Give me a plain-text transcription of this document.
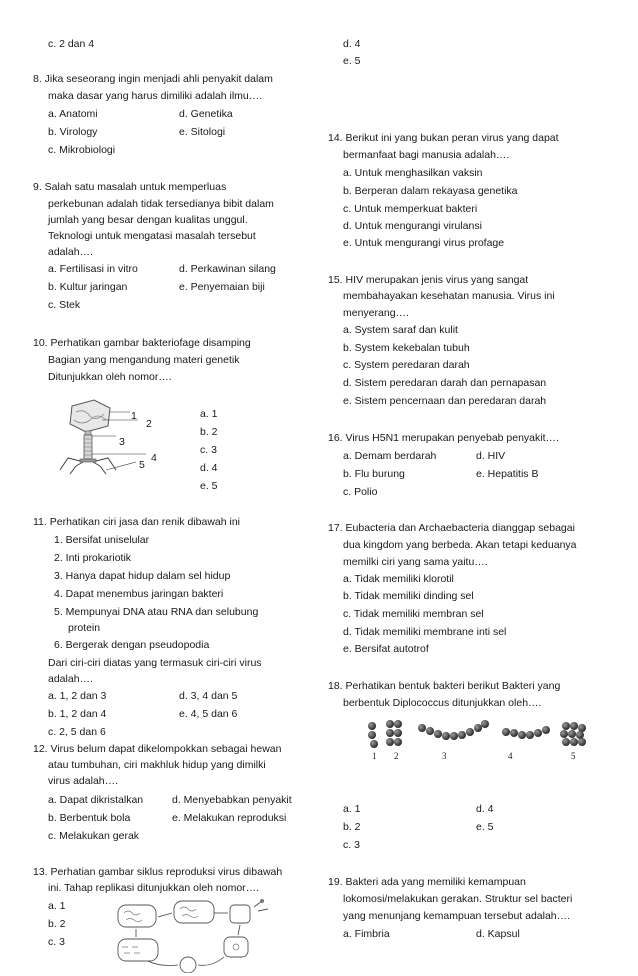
c. 2 dan 4
8. Jika seseorang ingin menjadi ahli penyakit dalam
maka dasar yang harus dimiliki adalah ilmu….
a. Anatomi	d. Genetika
b. Virology	e. Sitologi
c. Mikrobiologi
9. Salah satu masalah untuk memperluas
perkebunan adalah tidak tersedianya bibit dalam
jumlah yang besar dengan kualitas unggul.
Teknologi untuk mengatasi masalah tersebut
adalah….
a. Fertilisasi in vitro	d. Perkawinan silang
b. Kultur jaringan	e. Penyemaian biji
c. Stek
10. Perhatikan gambar bakteriofage disamping
Bagian yang mengandung materi genetik
Ditunjukkan oleh nomor….
1
2
3
4
5
a. 1
b. 2
c. 3
d. 4
e. 5
11. Perhatikan ciri jasa dan renik dibawah ini
1. Bersifat uniselular
2. Inti prokariotik
3. Hanya dapat hidup dalam sel hidup
4. Dapat menembus jaringan bakteri
5. Mempunyai DNA atau RNA dan selubung
protein
6. Bergerak dengan pseudopodia
Dari ciri-ciri diatas yang termasuk ciri-ciri virus
adalah….
a. 1, 2 dan 3	d. 3, 4 dan 5
b. 1, 2 dan 4	e. 4, 5 dan 6
c. 2, 5 dan 6
12. Virus belum dapat dikelompokkan sebagai hewan
atau tumbuhan, ciri makhluk hidup yang dimilki
virus adalah….
a. Dapat dikristalkan	d. Menyebabkan penyakit
b. Berbentuk bola	e. Melakukan reproduksi
c. Melakukan gerak
13. Perhatian gambar siklus reproduksi virus dibawah
ini. Tahap replikasi ditunjukkan oleh nomor….
a. 1
b. 2
c. 3
d. 4
e. 5
14. Berikut ini yang bukan peran virus yang dapat
bermanfaat bagi manusia adalah….
a. Untuk menghasilkan vaksin
b. Berperan dalam rekayasa genetika
c. Untuk memperkuat bakteri
d. Untuk mengurangi virulansi
e. Untuk mengurangi virus profage
15. HIV merupakan jenis virus yang sangat
membahayakan kesehatan manusia. Virus ini
menyerang….
a. System saraf dan kulit
b. System kekebalan tubuh
c. System peredaran darah
d. Sistem peredaran darah dan pernapasan
e. Sistem pencernaan dan peredaran darah
16. Virus H5N1 merupakan penyebab penyakit….
a. Demam berdarah	d. HIV
b. Flu burung	e. Hepatitis B
c. Polio
17. Eubacteria dan Archaebacteria dianggap sebagai
dua kingdom yang berbeda. Akan tetapi keduanya
memilki ciri yang sama yaitu….
a. Tidak memiliki klorotil
b. Tidak memiliki dinding sel
c. Tidak memiliki membran sel
d. Tidak memiliki membrane inti sel
e. Bersifat autotrof
18. Perhatikan bentuk bakteri berikut Bakteri yang
berbentuk Diplococcus ditunjukkan oleh….
1 2	3	4	5
a. 1	d. 4
b. 2	e. 5
c. 3
19. Bakteri ada yang memiliki kemampuan
lokomosi/melakukan gerakan. Struktur sel bacteri
yang menunjang kemampuan tersebut adalah….
a. Fimbria	d. Kapsul
